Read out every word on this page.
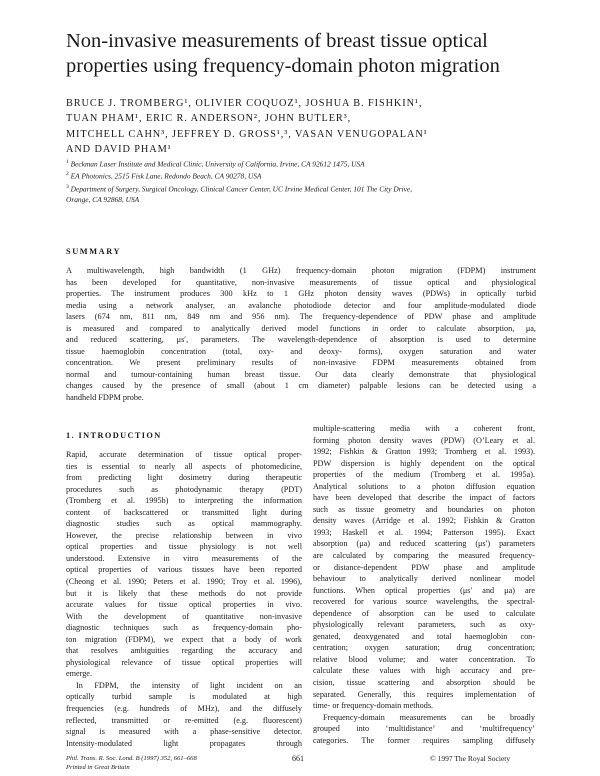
Non-invasive measurements of breast tissue optical
properties using frequency-domain photon migration
BRUCE J. TROMBERG¹, OLIVIER COQUOZ¹, JOSHUA B. FISHKIN¹,
TUAN PHAM¹, ERIC R. ANDERSON², JOHN BUTLER³,
MITCHELL CAHN³, JEFFREY D. GROSS¹,³, VASAN VENUGOPALAN¹
AND DAVID PHAM¹
$^1$ Beckman Laser Institute and Medical Clinic, University of California, Irvine, CA 92612 1475, USA
$^2$ EA Photonics, 2515 Fisk Lane, Redondo Beach, CA 90278, USA
$^3$ Department of Surgery, Surgical Oncology, Clinical Cancer Center, UC Irvine Medical Center, 101 The City Drive,
Orange, CA 92868, USA
SUMMARY
A multiwavelength, high bandwidth (1 GHz) frequency-domain photon migration (FDPM) instrument
has been developed for quantitative, non-invasive measurements of tissue optical and physiological
properties. The instrument produces 300 kHz to 1 GHz photon density waves (PDWs) in optically turbid
media using a network analyser, an avalanche photodiode detector and four amplitude-modulated diode
lasers (674 nm, 811 nm, 849 nm and 956 nm). The frequency-dependence of PDW phase and amplitude
is measured and compared to analytically derived model functions in order to calculate absorption, μa,
and reduced scattering, μs′, parameters. The wavelength-dependence of absorption is used to determine
tissue haemoglobin concentration (total, oxy- and deoxy- forms), oxygen saturation and water
concentration. We present preliminary results of non-invasive FDPM measurements obtained from
normal and tumour-containing human breast tissue. Our data clearly demonstrate that physiological
changes caused by the presence of small (about 1 cm diameter) palpable lesions can be detected using a
handheld FDPM probe.
1. INTRODUCTION
Rapid, accurate determination of tissue optical proper-
ties is essential to nearly all aspects of photomedicine,
from predicting light dosimetry during therapeutic
procedures such as photodynamic therapy (PDT)
(Tromberg et al. 1995b) to interpreting the information
content of backscattered or transmitted light during
diagnostic studies such as optical mammography.
However, the precise relationship between in vivo
optical properties and tissue physiology is not well
understood. Extensive in vitro measurements of the
optical properties of various tissues have been reported
(Cheong et al. 1990; Peters et al. 1990; Troy et al. 1996),
but it is likely that these methods do not provide
accurate values for tissue optical properties in vivo.
With the development of quantitative non-invasive
diagnostic techniques such as frequency-domain pho-
ton migration (FDPM), we expect that a body of work
that resolves ambiguities regarding the accuracy and
physiological relevance of tissue optical properties will
emerge.
In FDPM, the intensity of light incident on an
optically turbid sample is modulated at high
frequencies (e.g. hundreds of MHz), and the diffusely
reflected, transmitted or re-emitted (e.g. fluorescent)
signal is measured with a phase-sensitive detector.
Intensity-modulated light propagates through
multiple-scattering media with a coherent front,
forming photon density waves (PDW) (O’Leary et al.
1992; Fishkin & Gratton 1993; Tromberg et al. 1993).
PDW dispersion is highly dependent on the optical
properties of the medium (Tromberg et al. 1995a).
Analytical solutions to a photon diffusion equation
have been developed that describe the impact of factors
such as tissue geometry and boundaries on photon
density waves (Arridge et al. 1992; Fishkin & Gratton
1993; Haskell et al. 1994; Patterson 1995). Exact
absorption (μa) and reduced scattering (μs′) parameters
are calculated by comparing the measured frequency-
or distance-dependent PDW phase and amplitude
behaviour to analytically derived nonlinear model
functions. When optical properties (μs′ and μa) are
recovered for various source wavelengths, the spectral-
dependence of absorption can be used to calculate
physiologically relevant parameters, such as oxy-
genated, deoxygenated and total haemoglobin con-
centration; oxygen saturation; drug concentration;
relative blood volume; and water concentration. To
calculate these values with high accuracy and pre-
cision, tissue scattering and absorption should be
separated. Generally, this requires implementation of
time- or frequency-domain methods.
Frequency-domain measurements can be broadly
grouped into ‘multidistance’ and ‘multifrequency’
categories. The former requires sampling diffusely
Phil. Trans. R. Soc. Lond. B (1997) 352, 661–668
Printed in Great Britain
661	© 1997 The Royal Society
